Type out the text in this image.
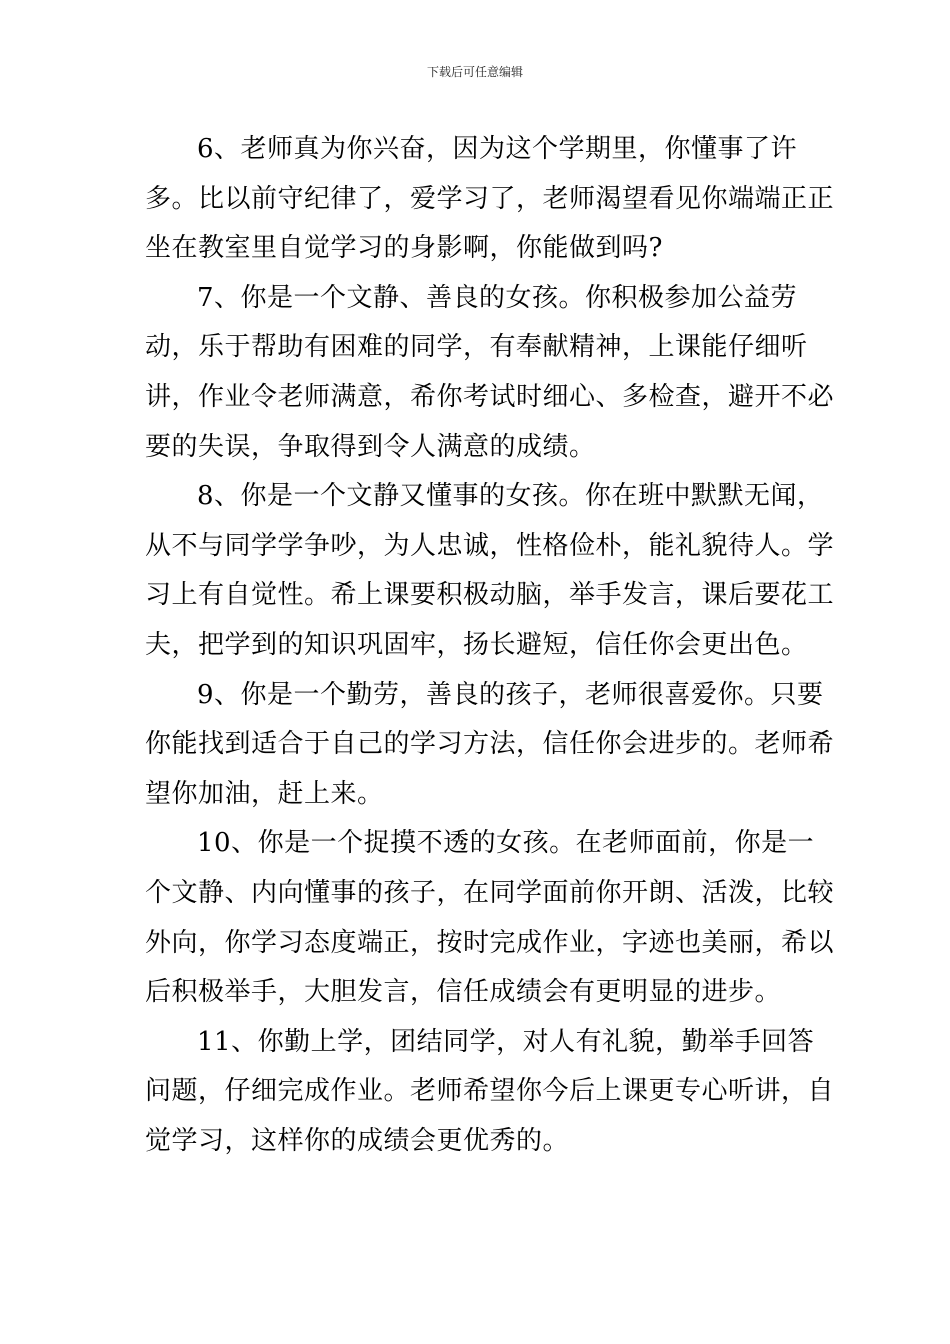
下载后可任意编辑

6、老师真为你兴奋，因为这个学期里，你懂事了许多。比以前守纪律了，爱学习了，老师渴望看见你端端正正坐在教室里自觉学习的身影啊，你能做到吗?

7、你是一个文静、善良的女孩。你积极参加公益劳动，乐于帮助有困难的同学，有奉献精神，上课能仔细听讲，作业令老师满意，希你考试时细心、多检查，避开不必要的失误，争取得到令人满意的成绩。

8、你是一个文静又懂事的女孩。你在班中默默无闻，从不与同学学争吵，为人忠诚，性格俭朴，能礼貌待人。学习上有自觉性。希上课要积极动脑，举手发言，课后要花工夫，把学到的知识巩固牢，扬长避短，信任你会更出色。

9、你是一个勤劳，善良的孩子，老师很喜爱你。只要你能找到适合于自己的学习方法，信任你会进步的。老师希望你加油，赶上来。

10、你是一个捉摸不透的女孩。在老师面前，你是一个文静、内向懂事的孩子，在同学面前你开朗、活泼，比较外向，你学习态度端正，按时完成作业，字迹也美丽，希以后积极举手，大胆发言，信任成绩会有更明显的进步。

11、你勤上学，团结同学，对人有礼貌，勤举手回答问题，仔细完成作业。老师希望你今后上课更专心听讲，自觉学习，这样你的成绩会更优秀的。
